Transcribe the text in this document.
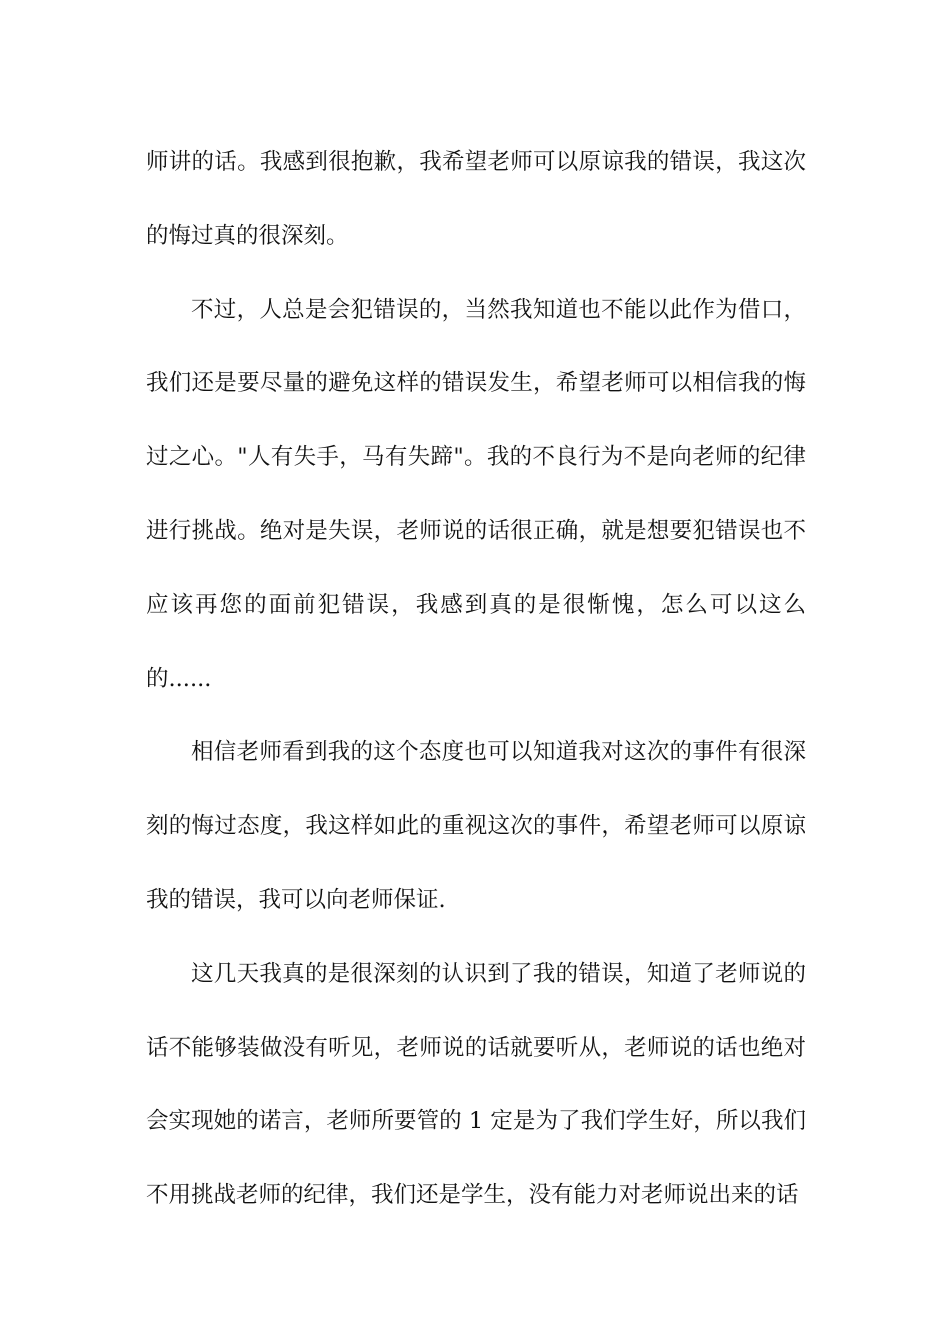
师讲的话。我感到很抱歉，我希望老师可以原谅我的错误，我这次的悔过真的很深刻。

不过，人总是会犯错误的，当然我知道也不能以此作为借口，我们还是要尽量的避免这样的错误发生，希望老师可以相信我的悔过之心。"人有失手，马有失蹄"。我的不良行为不是向老师的纪律进行挑战。绝对是失误，老师说的话很正确，就是想要犯错误也不应该再您的面前犯错误，我感到真的是很惭愧，怎么可以这么的......

相信老师看到我的这个态度也可以知道我对这次的事件有很深刻的悔过态度，我这样如此的重视这次的事件，希望老师可以原谅我的错误，我可以向老师保证.

这几天我真的是很深刻的认识到了我的错误，知道了老师说的话不能够装做没有听见，老师说的话就要听从，老师说的话也绝对会实现她的诺言，老师所要管的 1 定是为了我们学生好，所以我们不用挑战老师的纪律，我们还是学生，没有能力对老师说出来的话
